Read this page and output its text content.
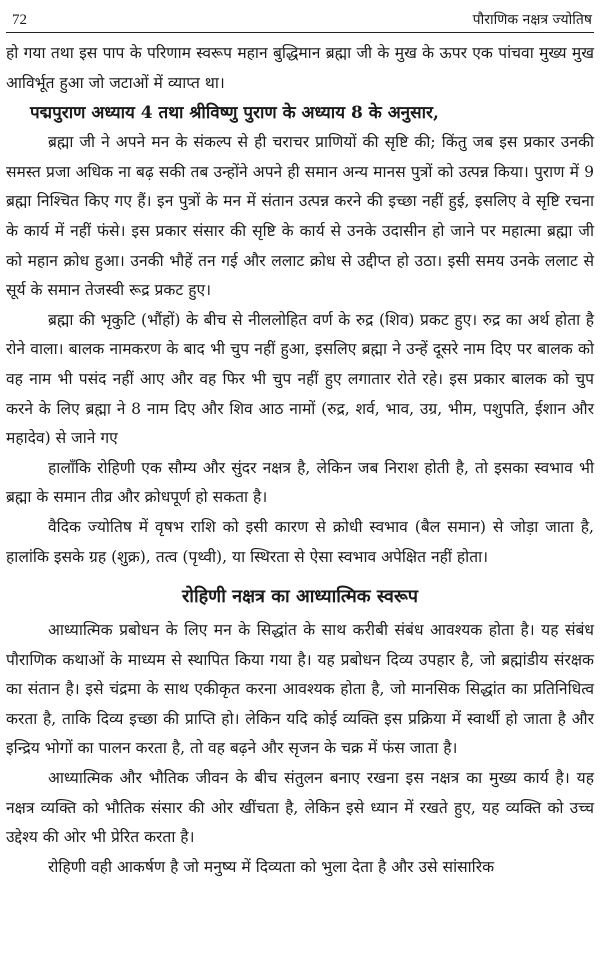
72	पौराणिक नक्षत्र ज्योतिष

हो गया तथा इस पाप के परिणाम स्वरूप महान बुद्धिमान ब्रह्मा जी के मुख के ऊपर एक पांचवा मुख्य मुख आविर्भूत हुआ जो जटाओं में व्याप्त था।

पद्मपुराण अध्याय 4 तथा श्रीविष्णु पुराण के अध्याय 8 के अनुसार,

ब्रह्मा जी ने अपने मन के संकल्प से ही चराचर प्राणियों की सृष्टि की; किंतु जब इस प्रकार उनकी समस्त प्रजा अधिक ना बढ़ सकी तब उन्होंने अपने ही समान अन्य मानस पुत्रों को उत्पन्न किया। पुराण में 9 ब्रह्मा निश्चित किए गए हैं। इन पुत्रों के मन में संतान उत्पन्न करने की इच्छा नहीं हुई, इसलिए वे सृष्टि रचना के कार्य में नहीं फंसे। इस प्रकार संसार की सृष्टि के कार्य से उनके उदासीन हो जाने पर महात्मा ब्रह्मा जी को महान क्रोध हुआ। उनकी भौहें तन गई और ललाट क्रोध से उद्दीप्त हो उठा। इसी समय उनके ललाट से सूर्य के समान तेजस्वी रूद्र प्रकट हुए।

ब्रह्मा की भृकुटि (भौंहों) के बीच से नीललोहित वर्ण के रुद्र (शिव) प्रकट हुए। रुद्र का अर्थ होता है रोने वाला। बालक नामकरण के बाद भी चुप नहीं हुआ, इसलिए ब्रह्मा ने उन्हें दूसरे नाम दिए पर बालक को वह नाम भी पसंद नहीं आए और वह फिर भी चुप नहीं हुए लगातार रोते रहे। इस प्रकार बालक को चुप करने के लिए ब्रह्मा ने 8 नाम दिए और शिव आठ नामों (रुद्र, शर्व, भाव, उग्र, भीम, पशुपति, ईशान और महादेव) से जाने गए

हालाँकि रोहिणी एक सौम्य और सुंदर नक्षत्र है, लेकिन जब निराश होती है, तो इसका स्वभाव भी ब्रह्मा के समान तीव्र और क्रोधपूर्ण हो सकता है।

वैदिक ज्योतिष में वृषभ राशि को इसी कारण से क्रोधी स्वभाव (बैल समान) से जोड़ा जाता है, हालांकि इसके ग्रह (शुक्र), तत्व (पृथ्वी), या स्थिरता से ऐसा स्वभाव अपेक्षित नहीं होता।

रोहिणी नक्षत्र का आध्यात्मिक स्वरूप

आध्यात्मिक प्रबोधन के लिए मन के सिद्धांत के साथ करीबी संबंध आवश्यक होता है। यह संबंध पौराणिक कथाओं के माध्यम से स्थापित किया गया है। यह प्रबोधन दिव्य उपहार है, जो ब्रह्मांडीय संरक्षक का संतान है। इसे चंद्रमा के साथ एकीकृत करना आवश्यक होता है, जो मानसिक सिद्धांत का प्रतिनिधित्व करता है, ताकि दिव्य इच्छा की प्राप्ति हो। लेकिन यदि कोई व्यक्ति इस प्रक्रिया में स्वार्थी हो जाता है और इन्द्रिय भोगों का पालन करता है, तो वह बढ़ने और सृजन के चक्र में फंस जाता है।

आध्यात्मिक और भौतिक जीवन के बीच संतुलन बनाए रखना इस नक्षत्र का मुख्य कार्य है। यह नक्षत्र व्यक्ति को भौतिक संसार की ओर खींचता है, लेकिन इसे ध्यान में रखते हुए, यह व्यक्ति को उच्च उद्देश्य की ओर भी प्रेरित करता है।

रोहिणी वही आकर्षण है जो मनुष्य में दिव्यता को भुला देता है और उसे सांसारिक
